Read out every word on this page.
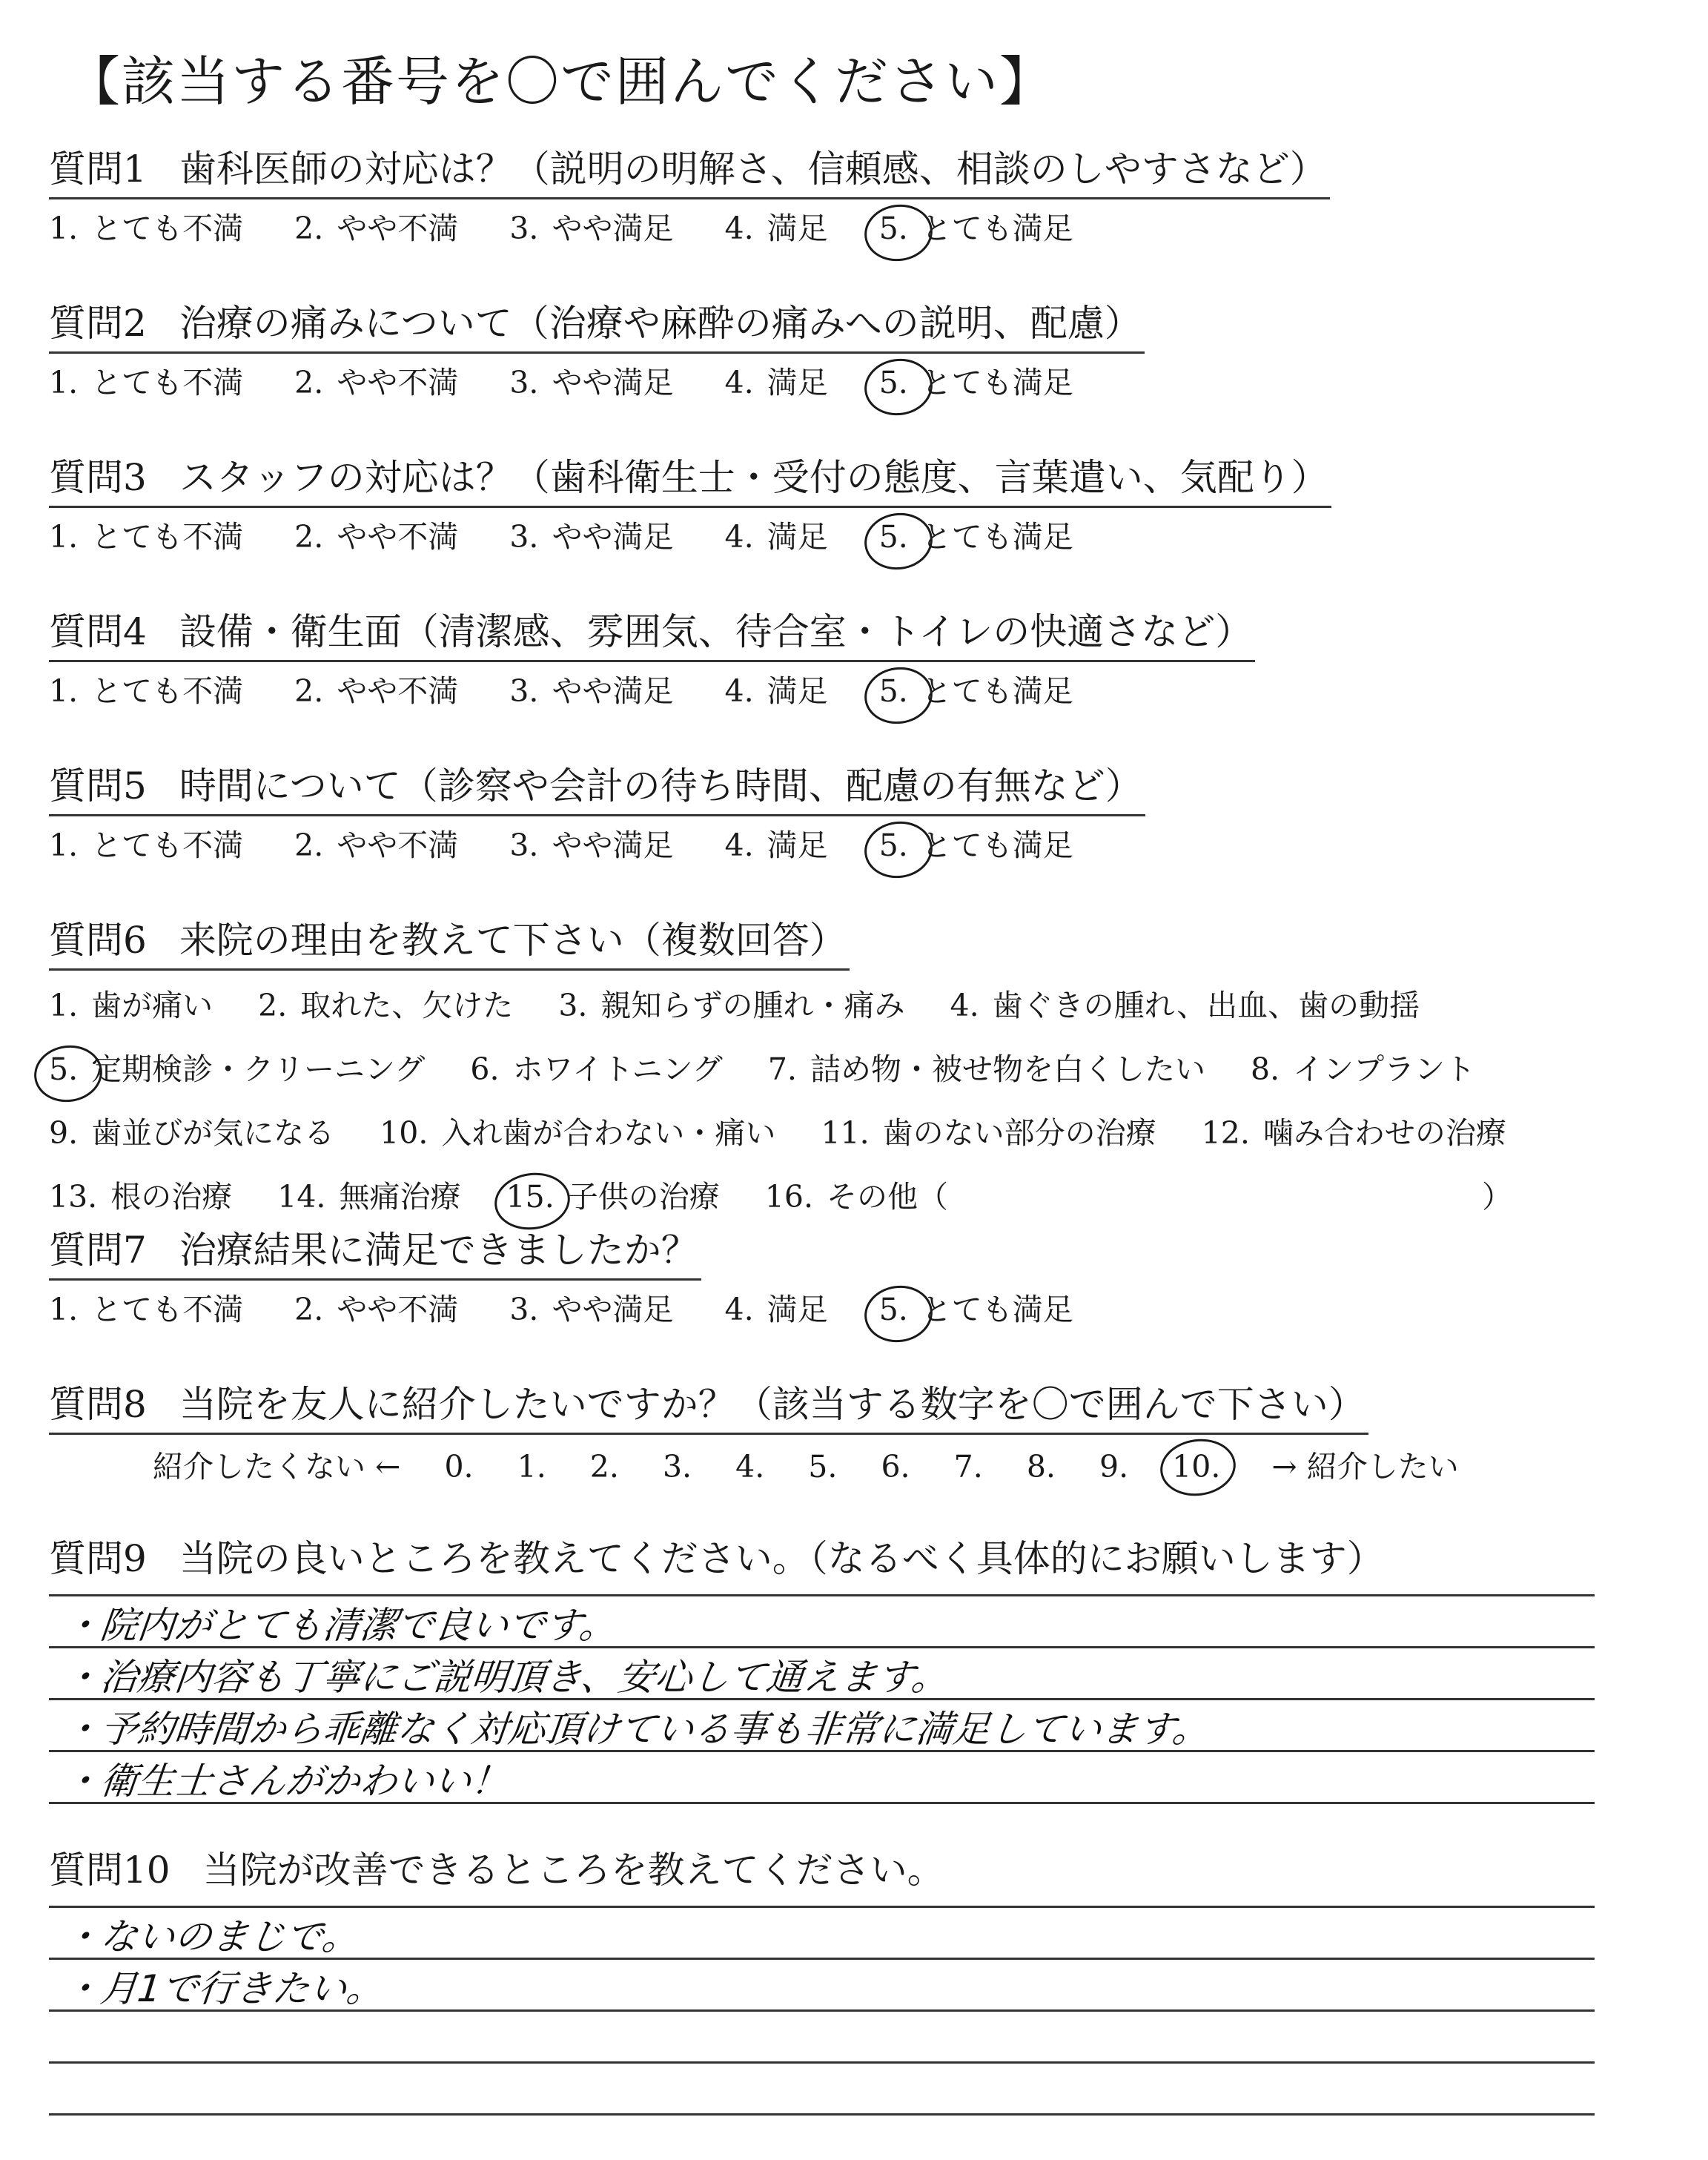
【該当する番号を〇で囲んでください】
質問1 歯科医師の対応は？（説明の明解さ、信頼感、相談のしやすさなど）
1. とても不満 2. やや不満 3. やや満足 4. 満足 5. とても満足
質問2 治療の痛みについて（治療や麻酔の痛みへの説明、配慮）
1. とても不満 2. やや不満 3. やや満足 4. 満足 5. とても満足
質問3 スタッフの対応は？（歯科衛生士・受付の態度、言葉遣い、気配り）
1. とても不満 2. やや不満 3. やや満足 4. 満足 5. とても満足
質問4 設備・衛生面（清潔感、雰囲気、待合室・トイレの快適さなど）
1. とても不満 2. やや不満 3. やや満足 4. 満足 5. とても満足
質問5 時間について（診察や会計の待ち時間、配慮の有無など）
1. とても不満 2. やや不満 3. やや満足 4. 満足 5. とても満足
質問6 来院の理由を教えて下さい（複数回答）
1. 歯が痛い 2. 取れた、欠けた 3. 親知らずの腫れ・痛み 4. 歯ぐきの腫れ、出血、歯の動揺
5. 定期検診・クリーニング 6. ホワイトニング 7. 詰め物・被せ物を白くしたい 8. インプラント
9. 歯並びが気になる 10. 入れ歯が合わない・痛い 11. 歯のない部分の治療 12. 噛み合わせの治療
13. 根の治療 14. 無痛治療 15. 子供の治療 16. その他（	）
質問7 治療結果に満足できましたか？
1. とても不満 2. やや不満 3. やや満足 4. 満足 5. とても満足
質問8 当院を友人に紹介したいですか？（該当する数字を〇で囲んで下さい）
紹介したくない ← 0. 1. 2. 3. 4. 5. 6. 7. 8. 9. 10. → 紹介したい
質問9 当院の良いところを教えてください。（なるべく具体的にお願いします）
・院内がとても清潔で良いです。
・治療内容も丁寧にご説明頂き、安心して通えます。
・予約時間から乖離なく対応頂けている事も非常に満足しています。
・衛生士さんがかわいい！
質問10 当院が改善できるところを教えてください。
・ないのまじで。
・月1で行きたい。
